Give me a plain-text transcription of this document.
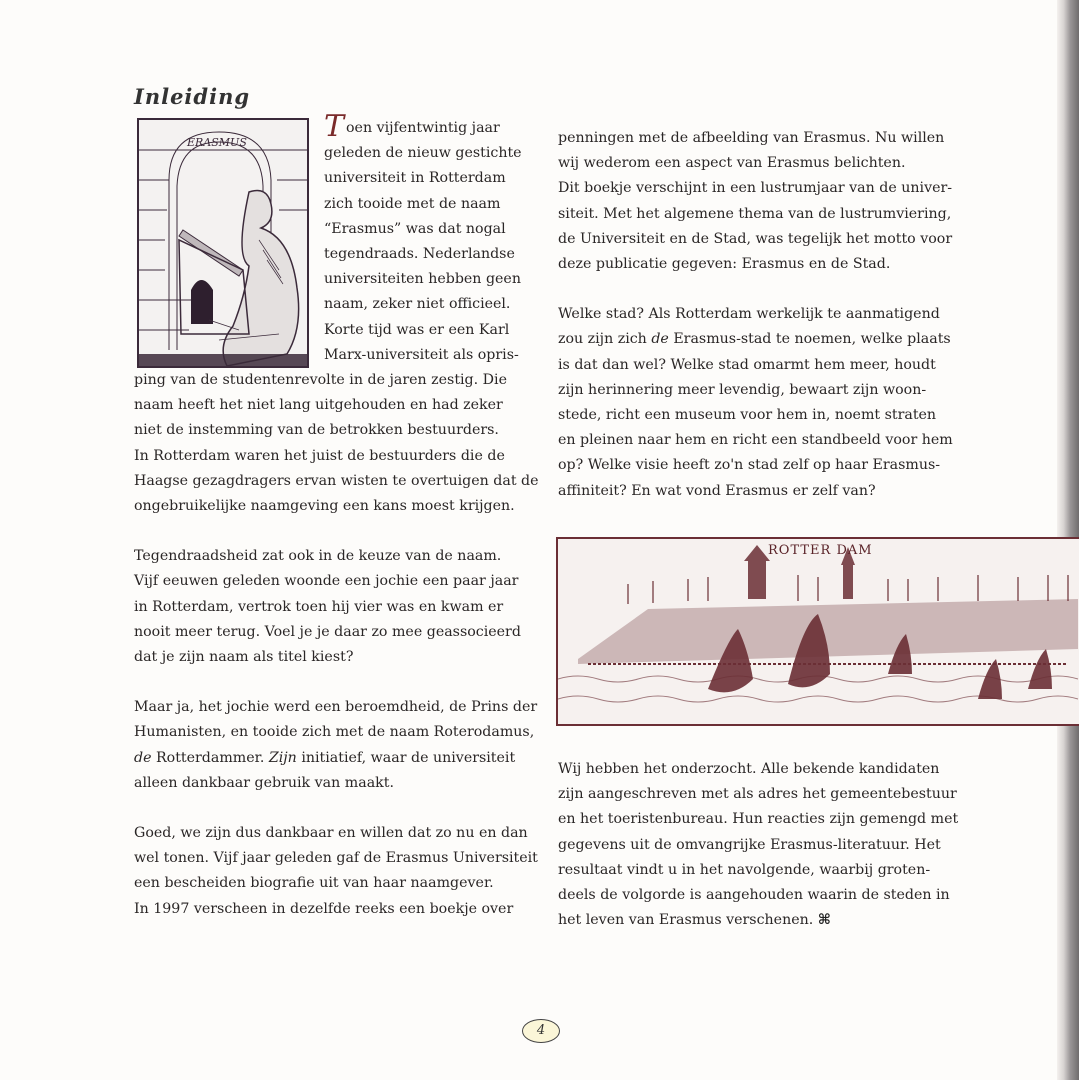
Inleiding
ERASMUS	Toen vijfentwintig jaar
geleden de nieuw gestichte
universiteit in Rotterdam
zich tooide met de naam
“Erasmus” was dat nogal
tegendraads. Nederlandse
universiteiten hebben geen
naam, zeker niet officieel.
Korte tijd was er een Karl
Marx-universiteit als opris-

ping van de studentenrevolte in de jaren zestig. Die
naam heeft het niet lang uitgehouden en had zeker
niet de instemming van de betrokken bestuurders.
In Rotterdam waren het juist de bestuurders die de
Haagse gezagdragers ervan wisten te overtuigen dat de
ongebruikelijke naamgeving een kans moest krijgen.

Tegendraadsheid zat ook in de keuze van de naam.
Vijf eeuwen geleden woonde een jochie een paar jaar
in Rotterdam, vertrok toen hij vier was en kwam er
nooit meer terug. Voel je je daar zo mee geassocieerd
dat je zijn naam als titel kiest?

Maar ja, het jochie werd een beroemdheid, de Prins der
Humanisten, en tooide zich met de naam Roterodamus,
de Rotterdammer. Zijn initiatief, waar de universiteit
alleen dankbaar gebruik van maakt.

Goed, we zijn dus dankbaar en willen dat zo nu en dan
wel tonen. Vijf jaar geleden gaf de Erasmus Universiteit
een bescheiden biografie uit van haar naamgever.
In 1997 verscheen in dezelfde reeks een boekje over

penningen met de afbeelding van Erasmus. Nu willen
wij wederom een aspect van Erasmus belichten.
Dit boekje verschijnt in een lustrumjaar van de univer-
siteit. Met het algemene thema van de lustrumviering,
de Universiteit en de Stad, was tegelijk het motto voor
deze publicatie gegeven: Erasmus en de Stad.

Welke stad? Als Rotterdam werkelijk te aanmatigend
zou zijn zich de Erasmus-stad te noemen, welke plaats
is dat dan wel? Welke stad omarmt hem meer, houdt
zijn herinnering meer levendig, bewaart zijn woon-
stede, richt een museum voor hem in, noemt straten
en pleinen naar hem en richt een standbeeld voor hem
op? Welke visie heeft zo'n stad zelf op haar Erasmus-
affiniteit? En wat vond Erasmus er zelf van?

ROTTER DAM

Wij hebben het onderzocht. Alle bekende kandidaten
zijn aangeschreven met als adres het gemeentebestuur
en het toeristenbureau. Hun reacties zijn gemengd met
gegevens uit de omvangrijke Erasmus-literatuur. Het
resultaat vindt u in het navolgende, waarbij groten-
deels de volgorde is aangehouden waarin de steden in
het leven van Erasmus verschenen. ⌘

4
